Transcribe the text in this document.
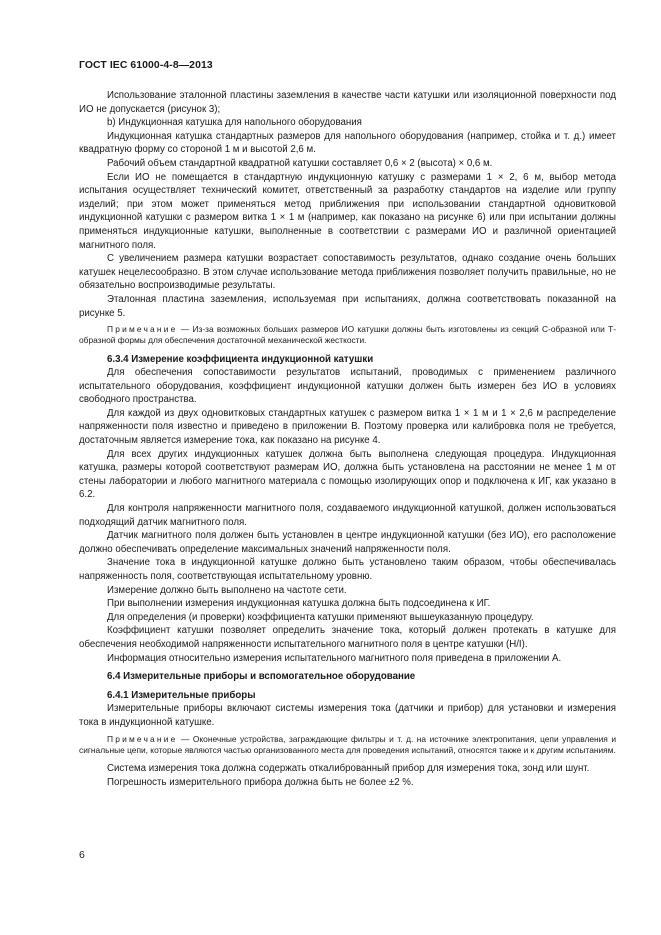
ГОСТ IEC 61000-4-8—2013

Использование эталонной пластины заземления в качестве части катушки или изоляционной поверхности под ИО не допускается (рисунок 3);

b) Индукционная катушка для напольного оборудования

Индукционная катушка стандартных размеров для напольного оборудования (например, стойка и т. д.) имеет квадратную форму со стороной 1 м и высотой 2,6 м.

Рабочий объем стандартной квадратной катушки составляет 0,6 × 2 (высота) × 0,6 м.

Если ИО не помещается в стандартную индукционную катушку с размерами 1 × 2, 6 м, выбор метода испытания осуществляет технический комитет, ответственный за разработку стандартов на изделие или группу изделий; при этом может применяться метод приближения при использовании стандартной одновитковой индукционной катушки с размером витка 1 × 1 м (например, как показано на рисунке 6) или при испытании должны применяться индукционные катушки, выполненные в соответствии с размерами ИО и различной ориентацией магнитного поля.

С увеличением размера катушки возрастает сопоставимость результатов, однако создание очень больших катушек нецелесообразно. В этом случае использование метода приближения позволяет получить правильные, но не обязательно воспроизводимые результаты.

Эталонная пластина заземления, используемая при испытаниях, должна соответствовать показанной на рисунке 5.

Примечание — Из-за возможных больших размеров ИО катушки должны быть изготовлены из секций С-образной или Т-образной формы для обеспечения достаточной механической жесткости.

6.3.4 Измерение коэффициента индукционной катушки

Для обеспечения сопоставимости результатов испытаний, проводимых с применением различного испытательного оборудования, коэффициент индукционной катушки должен быть измерен без ИО в условиях свободного пространства.

Для каждой из двух одновитковых стандартных катушек с размером витка 1 × 1 м и 1 × 2,6 м распределение напряженности поля известно и приведено в приложении В. Поэтому проверка или калибровка поля не требуется, достаточным является измерение тока, как показано на рисунке 4.

Для всех других индукционных катушек должна быть выполнена следующая процедура. Индукционная катушка, размеры которой соответствуют размерам ИО, должна быть установлена на расстоянии не менее 1 м от стены лаборатории и любого магнитного материала с помощью изолирующих опор и подключена к ИГ, как указано в 6.2.

Для контроля напряженности магнитного поля, создаваемого индукционной катушкой, должен использоваться подходящий датчик магнитного поля.

Датчик магнитного поля должен быть установлен в центре индукционной катушки (без ИО), его расположение должно обеспечивать определение максимальных значений напряженности поля.

Значение тока в индукционной катушке должно быть установлено таким образом, чтобы обеспечивалась напряженность поля, соответствующая испытательному уровню.

Измерение должно быть выполнено на частоте сети.

При выполнении измерения индукционная катушка должна быть подсоединена к ИГ.

Для определения (и проверки) коэффициента катушки применяют вышеуказанную процедуру.

Коэффициент катушки позволяет определить значение тока, который должен протекать в катушке для обеспечения необходимой напряженности испытательного магнитного поля в центре катушки (H/I).

Информация относительно измерения испытательного магнитного поля приведена в приложении А.

6.4 Измерительные приборы и вспомогательное оборудование

6.4.1 Измерительные приборы

Измерительные приборы включают системы измерения тока (датчики и прибор) для установки и измерения тока в индукционной катушке.

Примечание — Оконечные устройства, заграждающие фильтры и т. д. на источнике электропитания, цепи управления и сигнальные цепи, которые являются частью организованного места для проведения испытаний, относятся также и к другим испытаниям.

Система измерения тока должна содержать откалиброванный прибор для измерения тока, зонд или шунт.

Погрешность измерительного прибора должна быть не более ±2 %.

6
